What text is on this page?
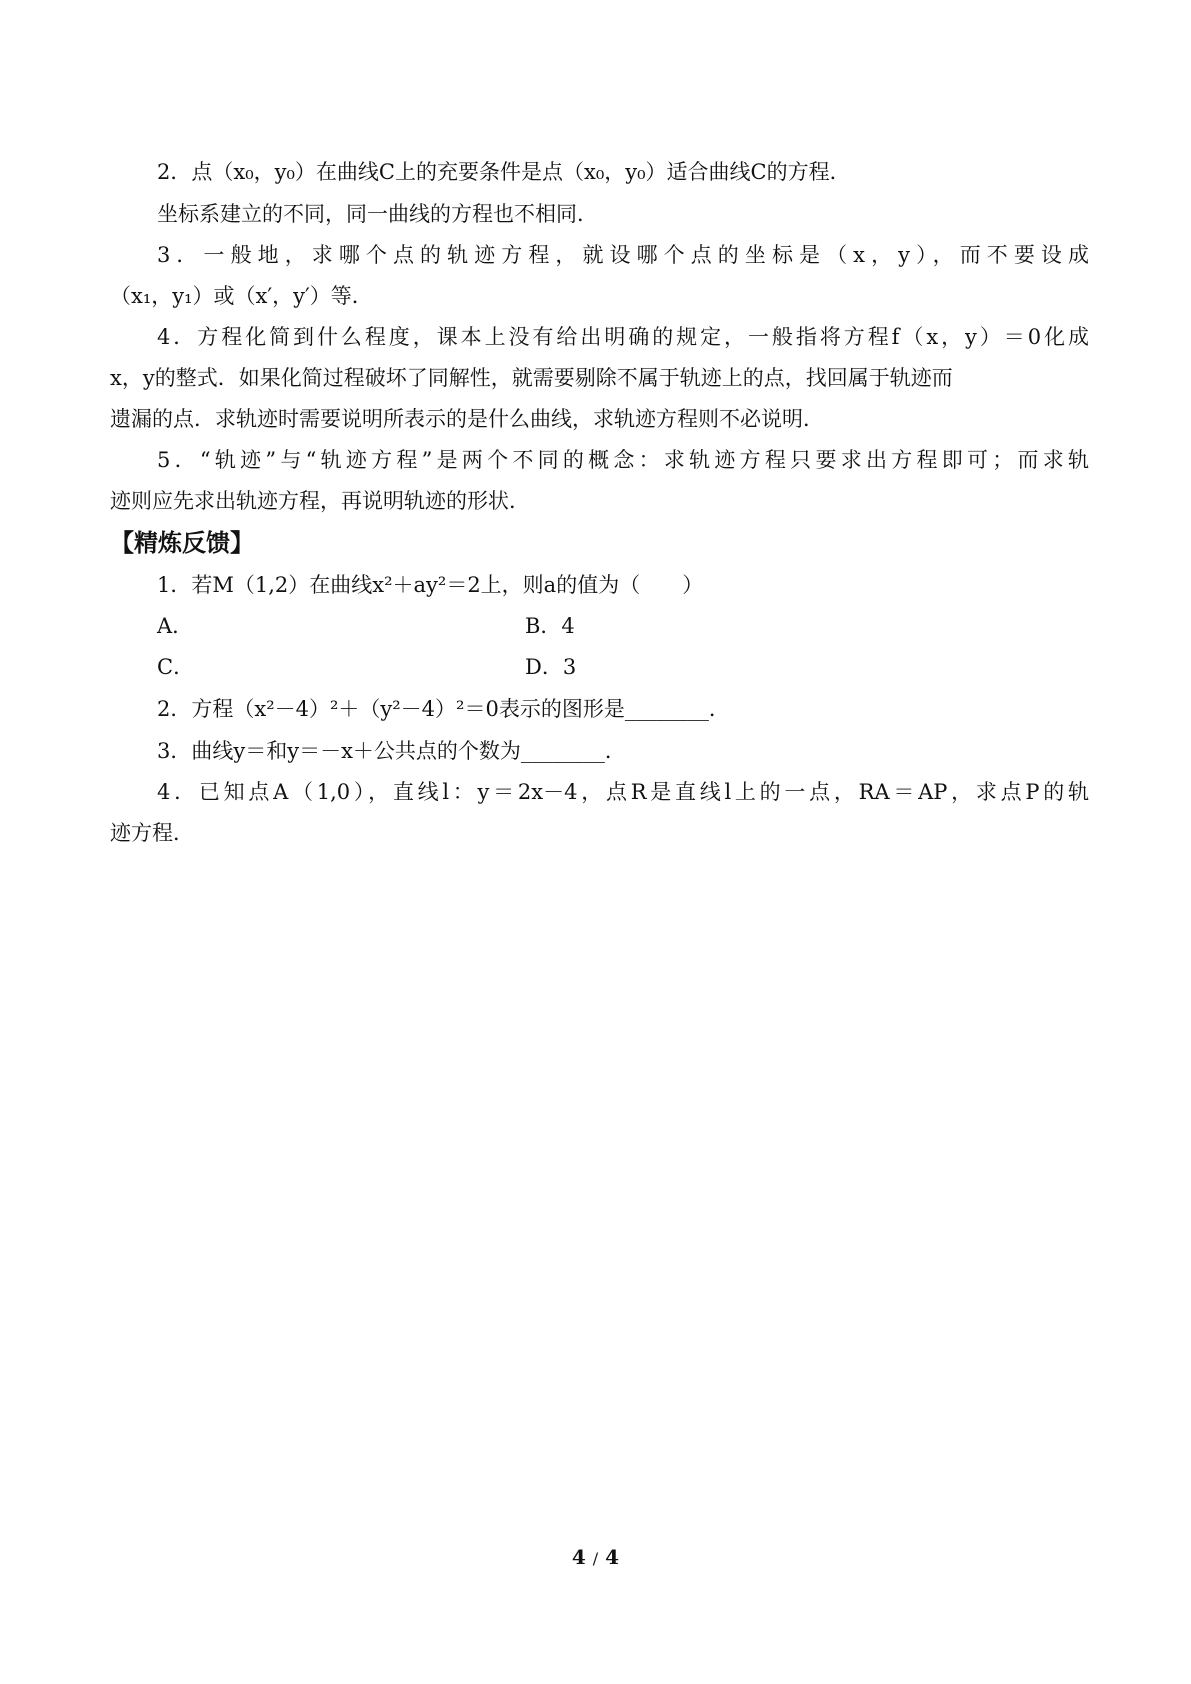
2．点（x₀，y₀）在曲线C上的充要条件是点（x₀，y₀）适合曲线C的方程．
坐标系建立的不同，同一曲线的方程也不相同．
3．一般地，求哪个点的轨迹方程，就设哪个点的坐标是（x，y），而不要设成
（x₁，y₁）或（x′，y′）等．
4．方程化简到什么程度，课本上没有给出明确的规定，一般指将方程f（x，y）＝0化成
x，y的整式．如果化简过程破坏了同解性，就需要剔除不属于轨迹上的点，找回属于轨迹而
遗漏的点．求轨迹时需要说明所表示的是什么曲线，求轨迹方程则不必说明．
5．“轨迹”与“轨迹方程”是两个不同的概念：求轨迹方程只要求出方程即可；而求轨
迹则应先求出轨迹方程，再说明轨迹的形状．
【精炼反馈】
1．若M（1,2）在曲线x²＋ay²＝2上，则a的值为（　　）
A．	B．4
C．	D．3
2．方程（x²－4）²＋（y²－4）²＝0表示的图形是________．
3．曲线y＝和y＝－x＋公共点的个数为________．
4．已知点A（1,0），直线l：y＝2x－4，点R是直线l上的一点，RA＝AP，求点P的轨
迹方程．
4 / 4
